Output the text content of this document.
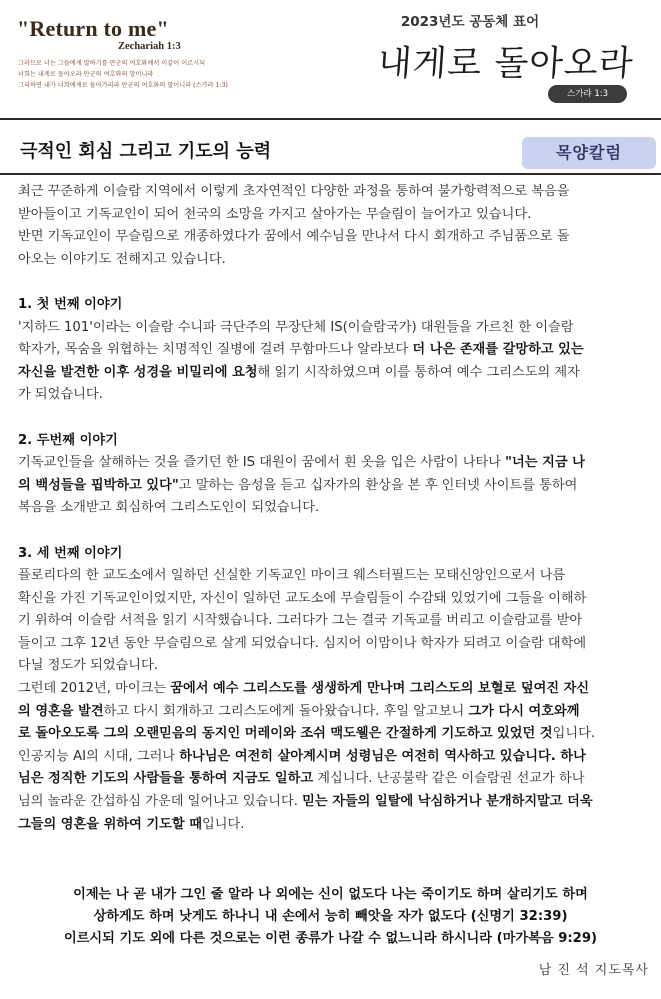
"Return to me"
Zechariah 1:3
그러므로 너는 그들에게 말하기를 만군의 여호와께서 이같이 이르시되
너희는 내게로 돌아오라 만군의 여호와의 말이니라
그리하면 내가 너희에게로 돌아가리라 만군의 여호와의 말이니라 (스가랴 1:3)
2023년도 공동체 표어
내게로 돌아오라
스가랴 1:3
극적인 회심 그리고 기도의 능력	목양칼럼
최근 꾸준하게 이슬람 지역에서 이렇게 초자연적인 다양한 과정을 통하여 불가항력적으로 복음을
받아들이고 기독교인이 되어 천국의 소망을 가지고 살아가는 무슬림이 늘어가고 있습니다.
반면 기독교인이 무슬림으로 개종하였다가 꿈에서 예수님을 만나서 다시 회개하고 주님품으로 돌
아오는 이야기도 전해지고 있습니다.
1. 첫 번째 이야기
'지하드 101'이라는 이슬람 수니파 극단주의 무장단체 IS(이슬람국가) 대원들을 가르친 한 이슬람
학자가, 목숨을 위협하는 치명적인 질병에 걸려 무함마드나 알라보다 더 나은 존재를 갈망하고 있는
자신을 발견한 이후 성경을 비밀리에 요청해 읽기 시작하였으며 이를 통하여 예수 그리스도의 제자
가 되었습니다.
2. 두번째 이야기
기독교인들을 살해하는 것을 즐기던 한 IS 대원이 꿈에서 흰 옷을 입은 사람이 나타나 "너는 지금 나
의 백성들을 핍박하고 있다"고 말하는 음성을 듣고 십자가의 환상을 본 후 인터넷 사이트를 통하여
복음을 소개받고 회심하여 그리스도인이 되었습니다.
3. 세 번째 이야기
플로리다의 한 교도소에서 일하던 신실한 기독교인 마이크 웨스터필드는 모태신앙인으로서 나름
확신을 가진 기독교인이었지만, 자신이 일하던 교도소에 무슬림들이 수감돼 있었기에 그들을 이해하
기 위하여 이슬람 서적을 읽기 시작했습니다. 그러다가 그는 결국 기독교를 버리고 이슬람교를 받아
들이고 그후 12년 동안 무슬림으로 살게 되었습니다. 심지어 이맘이나 학자가 되려고 이슬람 대학에
다닐 정도가 되었습니다.
그런데 2012년, 마이크는 꿈에서 예수 그리스도를 생생하게 만나며 그리스도의 보혈로 덮여진 자신
의 영혼을 발견하고 다시 회개하고 그리스도에게 돌아왔습니다. 후일 알고보니 그가 다시 여호와께
로 돌아오도록 그의 오랜믿음의 동지인 머레이와 조쉬 맥도웰은 간절하게 기도하고 있었던 것입니다.
인공지능 AI의 시대, 그러나 하나님은 여전히 살아계시며 성령님은 여전히 역사하고 있습니다. 하나
님은 정직한 기도의 사람들을 통하여 지금도 일하고 계십니다. 난공불락 같은 이슬람권 선교가 하나
님의 놀라운 간섭하심 가운데 일어나고 있습니다. 믿는 자들의 일탈에 낙심하거나 분개하지말고 더욱
그들의 영혼을 위하여 기도할 때입니다.
이제는 나 곧 내가 그인 줄 알라 나 외에는 신이 없도다 나는 죽이기도 하며 살리기도 하며
상하게도 하며 낫게도 하나니 내 손에서 능히 빼앗을 자가 없도다 (신명기 32:39)
이르시되 기도 외에 다른 것으로는 이런 종류가 나갈 수 없느니라 하시니라 (마가복음 9:29)
남 진 석 지도목사
